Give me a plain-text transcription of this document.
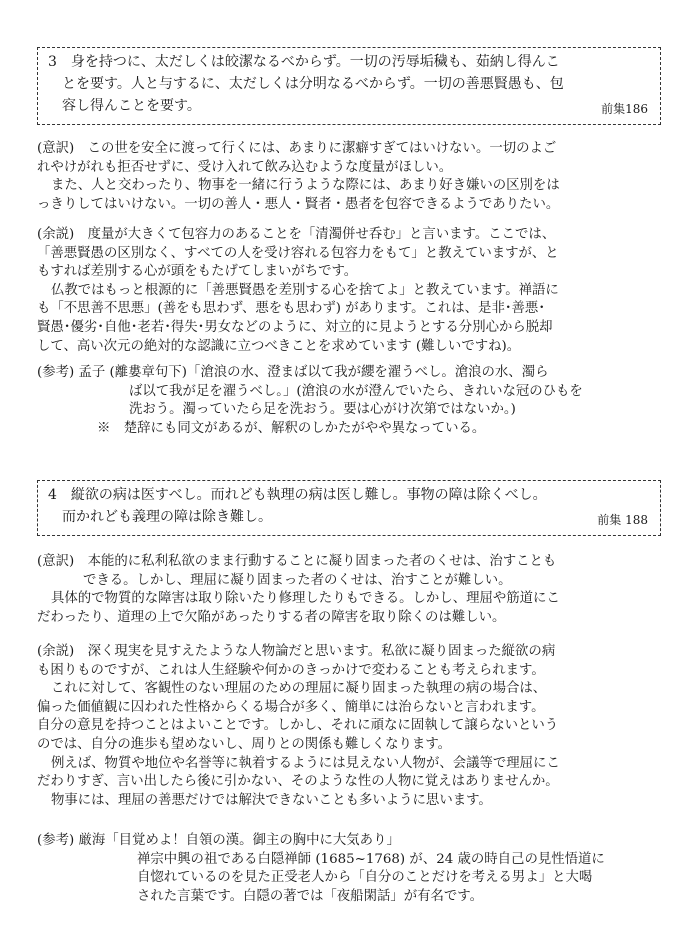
3　身を持つに、太だしくは皎潔なるべからず。一切の汚辱垢穢も、茹納し得んこ
とを要す。人と与するに、太だしくは分明なるべからず。一切の善悪賢愚も、包
容し得んことを要す。	前集186
(意訳)　この世を安全に渡って行くには、あまりに潔癖すぎてはいけない。一切のよご
れやけがれも拒否せずに、受け入れて飲み込むような度量がほしい。
また、人と交わったり、物事を一緒に行うような際には、あまり好き嫌いの区別をは
っきりしてはいけない。一切の善人・悪人・賢者・愚者を包容できるようでありたい。
(余説)　度量が大きくて包容力のあることを「清濁併せ呑む」と言います。ここでは、
「善悪賢愚の区別なく、すべての人を受け容れる包容力をもて」と教えていますが、と
もすれば差別する心が頭をもたげてしまいがちです。
仏教ではもっと根源的に「善悪賢愚を差別する心を捨てよ」と教えています。禅語に
も「不思善不思悪」(善をも思わず、悪をも思わず) があります。これは、是非･善悪･
賢愚･優劣･自他･老若･得失･男女などのように、対立的に見ようとする分別心から脱却
して、高い次元の絶対的な認識に立つべきことを求めています (難しいですね)。
(参考) 孟子 (離婁章句下)「滄浪の水、澄まば以て我が纓を濯うべし。滄浪の水、濁ら
ば以て我が足を濯うべし。」(滄浪の水が澄んでいたら、きれいな冠のひもを
洗おう。濁っていたら足を洗おう。要は心がけ次第ではないか。)
※　楚辞にも同文があるが、解釈のしかたがやや異なっている。
4　縦欲の病は医すべし。而れども執理の病は医し難し。事物の障は除くべし。
而かれども義理の障は除き難し。	前集 188
(意訳)　本能的に私利私欲のまま行動することに凝り固まった者のくせは、治すことも
できる。しかし、理屈に凝り固まった者のくせは、治すことが難しい。
具体的で物質的な障害は取り除いたり修理したりもできる。しかし、理屈や筋道にこ
だわったり、道理の上で欠陥があったりする者の障害を取り除くのは難しい。
(余説)　深く現実を見すえたような人物論だと思います。私欲に凝り固まった縦欲の病
も困りものですが、これは人生経験や何かのきっかけで変わることも考えられます。
これに対して、客観性のない理屈のための理屈に凝り固まった執理の病の場合は、
偏った価値観に囚われた性格からくる場合が多く、簡単には治らないと言われます。
自分の意見を持つことはよいことです。しかし、それに頑なに固執して譲らないという
のでは、自分の進歩も望めないし、周りとの関係も難しくなります。
例えば、物質や地位や名誉等に執着するようには見えない人物が、会議等で理屈にこ
だわりすぎ、言い出したら後に引かない、そのような性の人物に覚えはありませんか。
物事には、理屈の善悪だけでは解決できないことも多いように思います。
(参考) 厳海「目覚めよ！自領の漢。御主の胸中に大気あり」
禅宗中興の祖である白隠禅師 (1685~1768) が、24 歳の時自己の見性悟道に
自惚れているのを見た正受老人から「自分のことだけを考える男よ」と大喝
された言葉です。白隠の著では「夜船閑話」が有名です。
